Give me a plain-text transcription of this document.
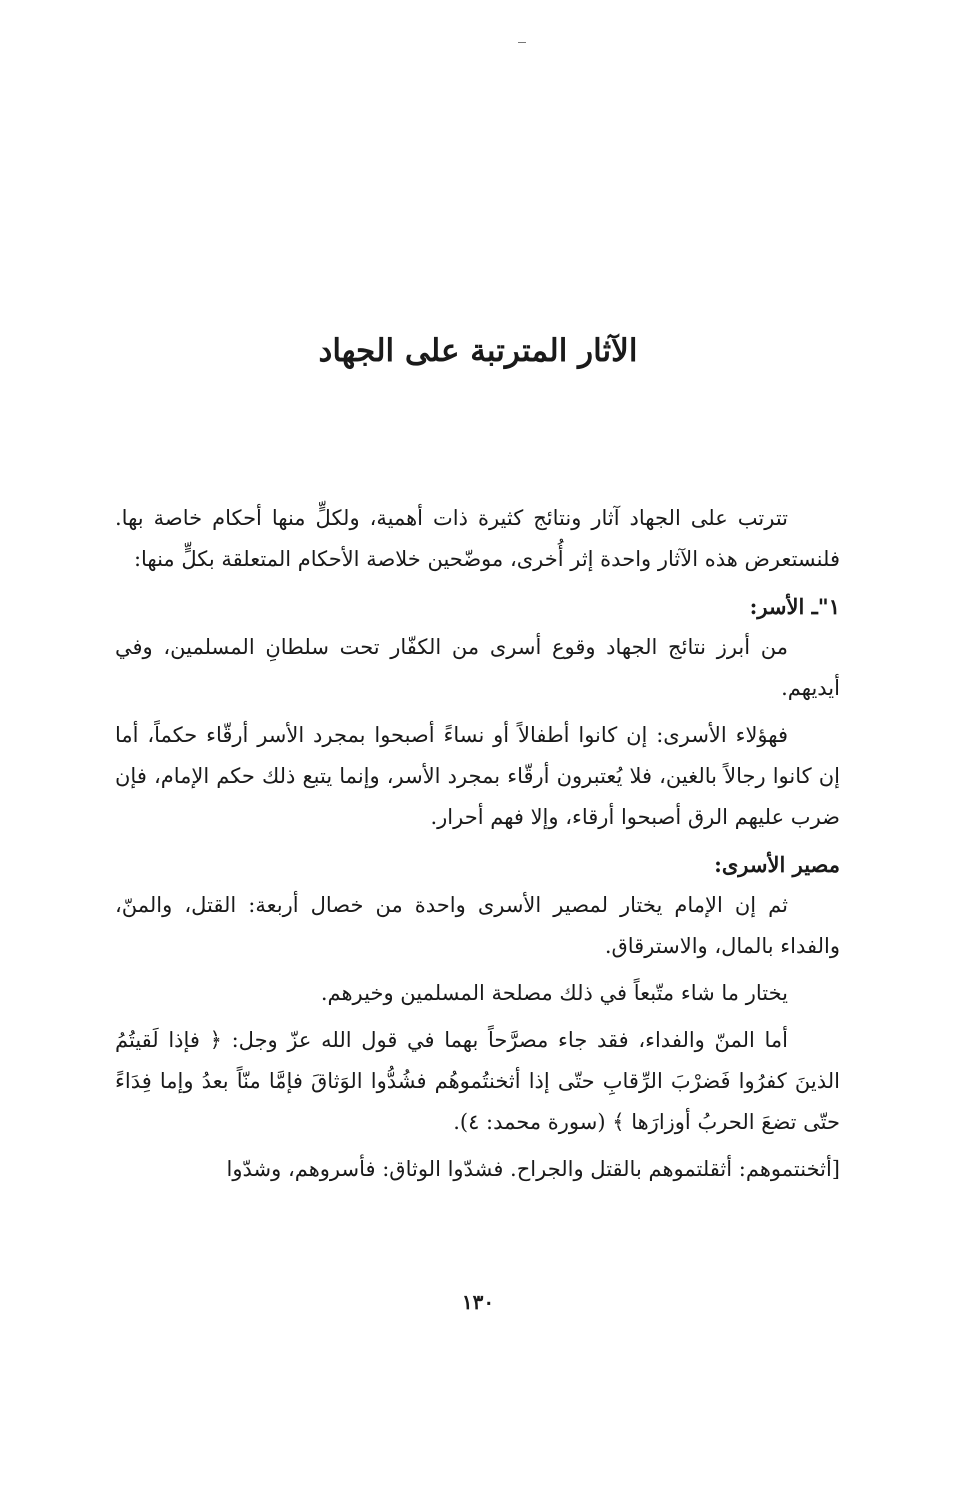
الآثار المترتبة على الجهاد

تترتب على الجهاد آثار ونتائج كثيرة ذات أهمية، ولكلٍّ منها أحكام خاصة بها. فلنستعرض هذه الآثار واحدة إثر أُخرى، موضّحين خلاصة الأحكام المتعلقة بكلٍّ منها:

١"ـ الأسر:

من أبرز نتائج الجهاد وقوع أسرى من الكفّار تحت سلطانِ المسلمين، وفي أيديهم.

فهؤلاء الأسرى: إن كانوا أطفالاً أو نساءً أصبحوا بمجرد الأسر أرقّاء حكماً، أما إن كانوا رجالاً بالغين، فلا يُعتبرون أرقّاء بمجرد الأسر، وإنما يتبع ذلك حكم الإمام، فإن ضرب عليهم الرق أصبحوا أرقاء، وإلا فهم أحرار.

مصير الأسرى:

ثم إن الإمام يختار لمصير الأسرى واحدة من خصال أربعة: القتل، والمنّ، والفداء بالمال، والاسترقاق.

يختار ما شاء متّبعاً في ذلك مصلحة المسلمين وخيرهم.

أما المنّ والفداء، فقد جاء مصرَّحاً بهما في قول الله عزّ وجل: ﴿ فإذا لَقيتُمُ الذينَ كفرُوا فَضرْبَ الرِّقابِ حتّى إذا أثخنتُموهُم فشُدُّوا الوَثاقَ فإمَّا منّاً بعدُ وإما فِدَاءً حتّى تضعَ الحربُ أوزارَها ﴾ (سورة محمد: ٤).

[أثخنتموهم: أثقلتموهم بالقتل والجراح. فشدّوا الوثاق: فأسروهم، وشدّوا

١٣٠
